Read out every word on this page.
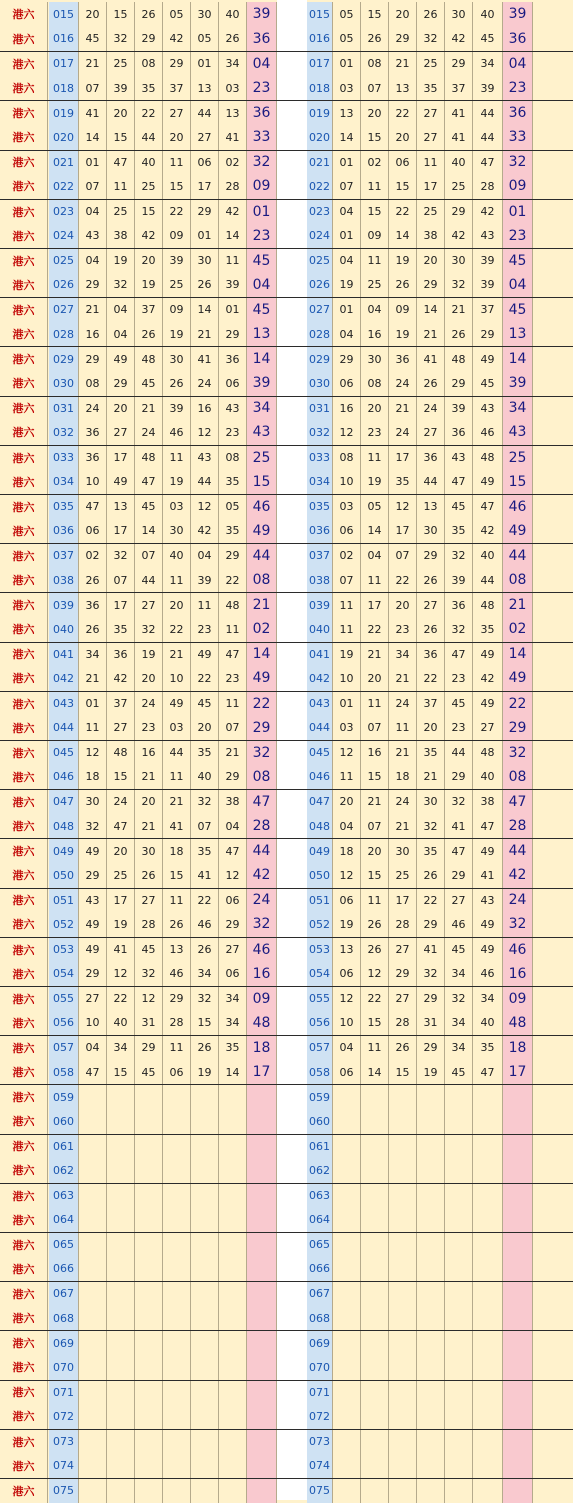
港六	015	20	15	26	05	30	40 39	015 05	15	20	26	30	40	39
港六	016	45	32	29	42	05	26 36	016 05	26	29	32	42	45	36
港六	017	21	25	08	29	01	34 04	017 01	08	21	25	29	34	04
港六	018	07	39	35	37	13	03 23	018 03	07	13	35	37	39	23
港六	019	41	20	22	27	44	13 36	019 13	20	22	27	41	44	36
港六	020	14	15	44	20	27	41 33	020 14	15	20	27	41	44	33
港六	021	01	47	40	11	06	02 32	021 01	02	06	11	40	47	32
港六	022	07	11	25	15	17	28 09	022 07	11	15	17	25	28	09
港六	023	04	25	15	22	29	42 01	023 04	15	22	25	29	42	01
港六	024	43	38	42	09	01	14 23	024 01	09	14	38	42	43	23
港六	025	04	19	20	39	30	11 45	025 04	11	19	20	30	39	45
港六	026	29	32	19	25	26	39 04	026 19	25	26	29	32	39	04
港六	027	21	04	37	09	14	01 45	027 01	04	09	14	21	37	45
港六	028	16	04	26	19	21	29 13	028 04	16	19	21	26	29	13
港六	029	29	49	48	30	41	36 14	029 29	30	36	41	48	49	14
港六	030	08	29	45	26	24	06 39	030 06	08	24	26	29	45	39
港六	031	24	20	21	39	16	43 34	031 16	20	21	24	39	43	34
港六	032	36	27	24	46	12	23 43	032 12	23	24	27	36	46	43
港六	033	36	17	48	11	43	08 25	033 08	11	17	36	43	48	25
港六	034	10	49	47	19	44	35 15	034 10	19	35	44	47	49	15
港六	035	47	13	45	03	12	05 46	035 03	05	12	13	45	47	46
港六	036	06	17	14	30	42	35 49	036 06	14	17	30	35	42	49
港六	037	02	32	07	40	04	29 44	037 02	04	07	29	32	40	44
港六	038	26	07	44	11	39	22 08	038 07	11	22	26	39	44	08
港六	039	36	17	27	20	11	48 21	039 11	17	20	27	36	48	21
港六	040	26	35	32	22	23	11 02	040 11	22	23	26	32	35	02
港六	041	34	36	19	21	49	47 14	041 19	21	34	36	47	49	14
港六	042	21	42	20	10	22	23 49	042 10	20	21	22	23	42	49
港六	043	01	37	24	49	45	11 22	043 01	11	24	37	45	49	22
港六	044	11	27	23	03	20	07 29	044 03	07	11	20	23	27	29
港六	045	12	48	16	44	35	21 32	045 12	16	21	35	44	48	32
港六	046	18	15	21	11	40	29 08	046 11	15	18	21	29	40	08
港六	047	30	24	20	21	32	38 47	047 20	21	24	30	32	38	47
港六	048	32	47	21	41	07	04 28	048 04	07	21	32	41	47	28
港六	049	49	20	30	18	35	47 44	049 18	20	30	35	47	49	44
港六	050	29	25	26	15	41	12 42	050 12	15	25	26	29	41	42
港六	051	43	17	27	11	22	06 24	051 06	11	17	22	27	43	24
港六	052	49	19	28	26	46	29 32	052 19	26	28	29	46	49	32
港六	053	49	41	45	13	26	27 46	053 13	26	27	41	45	49	46
港六	054	29	12	32	46	34	06 16	054 06	12	29	32	34	46	16
港六	055	27	22	12	29	32	34 09	055 12	22	27	29	32	34	09
港六	056	10	40	31	28	15	34 48	056 10	15	28	31	34	40	48
港六	057	04	34	29	11	26	35 18	057 04	11	26	29	34	35	18
港六	058	47	15	45	06	19	14 17	058 06	14	15	19	45	47	17
港六	059	059
港六	060	060
港六	061	061
港六	062	062
港六	063	063
港六	064	064
港六	065	065
港六	066	066
港六	067	067
港六	068	068
港六	069	069
港六	070	070
港六	071	071
港六	072	072
港六	073	073
港六	074	074
港六	075	075
